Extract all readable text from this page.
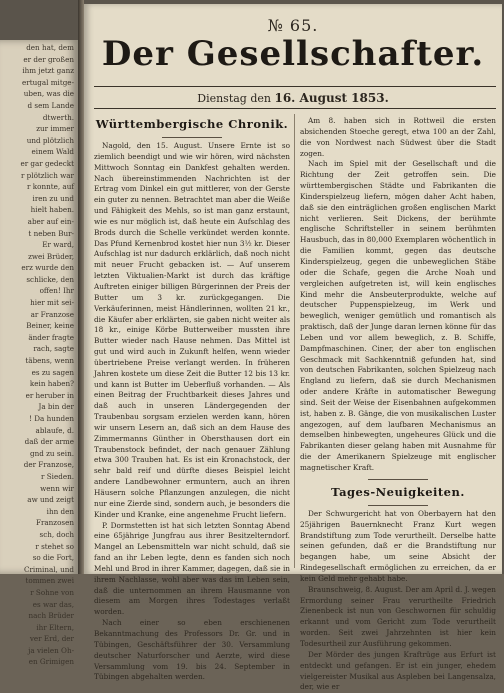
den hat, dem
er der großen
ihm jetzt ganz
ertugal mitge-
uben, was die
d sem Lande
dtwerth.
zur immer
und plötzlich
einem Wald
er gar gedeckt
r plötzlich war
r konnte, auf
iren zu und
hielt haben.
aber auf ein-
t neben Bur-
Er ward,
zwei Brüder,
erz wurde den
schlicke, den
offen! Ihr
hier mit sei-
ar Franzose
Beiner, keine
änder fragte
rach, sagte
täbens, wenn
es zu sagen
kein haben?
er heruber in
Ja bin der
! Da hunden
ablaufe, d.
daß der arme
gnd zu sein.
der Franzose,
r Sieden.
wenn wir
aw und zeigt
ihn den
Franzosen
sch, doch
r stehet so
so die Fort,
Criminal, und
tommen zwei
r Sohne von
es war das,
nach Brüder
ihr Eltern,
ver Erd, der
ja vielen Oh-
en Grimigen
№ 65.
Der Gesellschafter.
Dienstag den 16. August 1853.
Württembergische Chronik.

Nagold, den 15. August. Unsere Ernte ist so ziemlich beendigt und wie wir hören, wird nächsten Mittwoch Sonntag ein Dankfest gehalten werden. Nach übereinstimmenden Nachrichten ist der Ertrag vom Dinkel ein gut mittlerer, von der Gerste ein guter zu nennen. Betrachtet man aber die Weiße und Fähigkeit des Mehls, so ist man ganz erstaunt, wie es nur möglich ist, daß heute ein Aufschlag des Brods durch die Schelle verkündet werden konnte. Das Pfund Kernenbrod kostet hier nun 3½ kr. Dieser Aufschlag ist nur dadurch erklärlich, daß noch nicht mit neuer Frucht gebacken ist. — Auf unserem letzten Viktualien-Markt ist durch das kräftige Auftreten einiger billigen Bürgerinnen der Preis der Butter um 3 kr. zurückgegangen. Die Verkäuferinnen, meist Händlerinnen, wollten 21 kr., die Käufer aber erklärten, sie gaben nicht weiter als 18 kr., einige Körbe Butterweiber mussten ihre Butter wieder nach Hause nehmen. Das Mittel ist gut und wird auch in Zukunft helfen, wenn wieder übertriebene Preise verlangt werden. In früheren Jahren kostete um diese Zeit die Butter 12 bis 13 kr. und kann ist Butter im Ueberfluß vorhanden. — Als einen Beitrag der Fruchtbarkeit dieses Jahres und daß auch in unseren Ländergegenden der Traubenbau sorgsam erzielen werden kann, hören wir unsern Lesern an, daß sich an dem Hause des Zimmermanns Günther in Obersthausen dort ein Traubenstock befindet, der nach genauer Zählung etwa 300 Trauben hat. Es ist ein Kronachstock, der sehr bald reif und dürfte dieses Beispiel leicht andere Landbewohner ermuntern, auch an ihren Häusern solche Pflanzungen anzulegen, die nicht nur eine Zierde sind, sondern auch, je besonders die Kinder und Kranke, eine angenehme Frucht liefern.

P. Dormstetten ist hat sich letzten Sonntag Abend eine 65jährige Jungfrau aus ihrer Besitzelterndorf. Mangel an Lebensmitteln war nicht schuld, daß sie fand an ihr Leben legte, denn es fanden sich noch Mehl und Brod in ihrer Kammer, dagegen, daß sie in ihrem Nachlasse, wohl aber was das im Leben sein, daß die unternommen an ihrem Hausmanne von diesem am Morgen ihres Todestages verlaßt worden.

Nach einer so eben erschienenen Bekanntmachung des Professors Dr. Gr. und in Tübingen, Geschäftsführer der 30. Versammlung deutscher Naturforscher und Aerzte, wird diese Versammlung vom 19. bis 24. September in Tübingen abgehalten werden.

Am 8. haben sich in Rottweil die ersten absichenden Stoeche geregt, etwa 100 an der Zahl, die von Nordwest nach Südwest über die Stadt zogen.

Nach im Spiel mit der Gesellschaft und die Richtung der Zeit getroffen sein. Die württembergischen Städte und Fabrikanten die Kinderspielzeug liefern, mögen daher Acht haben, daß sie den einträglichen großen englischen Markt nicht verlieren. Seit Dickens, der berühmte englische Schriftsteller in seinem berühmten Hausbuch, das in 80,000 Exemplaren wöchentlich in die Familien kommt, gegen das deutsche Kinderspielzeug, gegen die unbeweglichen Stäbe oder die Schafe, gegen die Arche Noah und vergleichen aufgetreten ist, will kein englisches Kind mehr die Ansbeuterprodukte, welche auf deutscher Puppenspielzeug, im Werk und beweglich, weniger gemütlich und romantisch als praktisch, daß der Junge daran lernen könne für das Leben und vor allem beweglich, z. B. Schiffe, Dampfmaschinen. Ciner, der aber ton englischen Geschmack mit Sachkenntniß gefunden hat, sind von deutschen Fabrikanten, solchen Spielzeug nach England zu liefern, daß sie durch Mechanismen oder andere Kräfte in automatischer Bewegung sind. Seit der Weise der Eisenbahnen aufgekommen ist, haben z. B. Gänge, die von musikalischen Luster angezogen, auf dem laufbaren Mechanismus an demselben hinbewegten, ungeheures Glück und die Fabrikanten dieser gelang haben mit Ausnahme für die der Amerikanern Spielzeuge mit englischer magnetischer Kraft.

Tages-Neuigkeiten.

Der Schwurgericht hat von Oberbayern hat den 25jährigen Bauernknecht Franz Kurt wegen Brandstiftung zum Tode verurtheilt. Derselbe hatte seinen gefunden, daß er die Brandstiftung nur begangen habe, um seine Absicht der Rindegesellschaft ermöglichen zu erreichen, da er kein Geld mehr gehabt habe.

Braunschweig, 8. August. Der am April d. J. wegen Ermordung seiner Frau verurtheilte Friedrich Zienenbeck ist nun von Geschwornen für schuldig erkannt und vom Gericht zum Tode verurtheilt worden. Seit zwei Jahrzehnten ist hier kein Todesurtheil zur Ausführung gekommen.

Der Mörder des jungen Kraftrüge aus Erfurt ist entdeckt und gefangen. Er ist ein junger, ehedem vielgereister Musikal aus Aspleben bei Langensalza, der, wie er
